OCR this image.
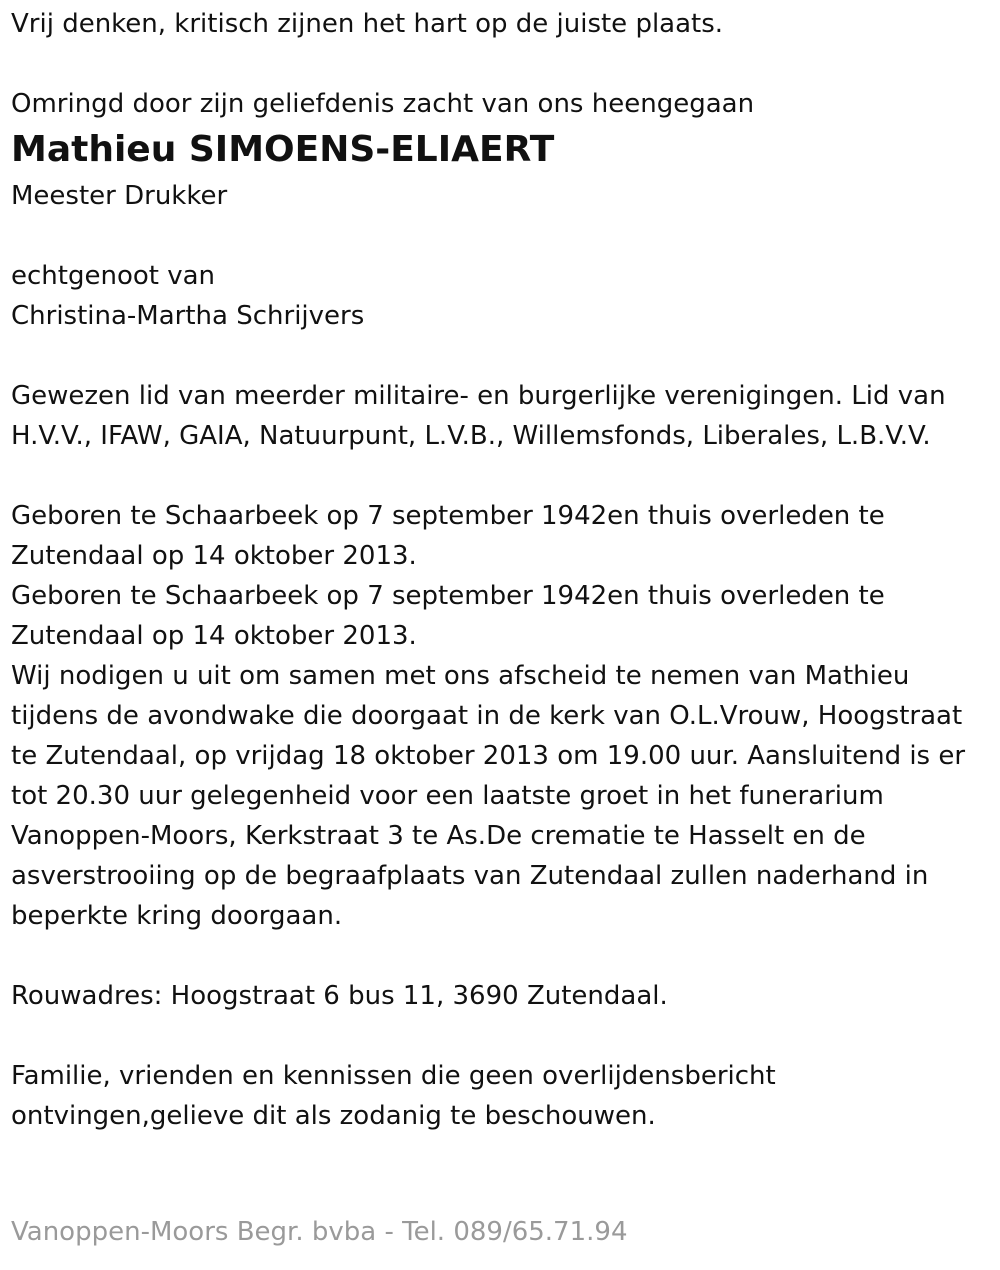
Vrij denken, kritisch zijnen het hart op de juiste plaats.

Omringd door zijn geliefdenis zacht van ons heengegaan

Mathieu SIMOENS-ELIAERT

Meester Drukker

echtgenoot van

Christina-Martha Schrijvers

Gewezen lid van meerder militaire- en burgerlijke verenigingen. Lid van

H.V.V., IFAW, GAIA, Natuurpunt, L.V.B., Willemsfonds, Liberales, L.B.V.V.

Geboren te Schaarbeek op 7 september 1942en thuis overleden te

Zutendaal op 14 oktober 2013.

Geboren te Schaarbeek op 7 september 1942en thuis overleden te

Zutendaal op 14 oktober 2013.

Wij nodigen u uit om samen met ons afscheid te nemen van Mathieu

tijdens de avondwake die doorgaat in de kerk van O.L.Vrouw, Hoogstraat

te Zutendaal, op vrijdag 18 oktober 2013 om 19.00 uur. Aansluitend is er

tot 20.30 uur gelegenheid voor een laatste groet in het funerarium

Vanoppen-Moors, Kerkstraat 3 te As.De crematie te Hasselt en de

asverstrooiing op de begraafplaats van Zutendaal zullen naderhand in

beperkte kring doorgaan.

Rouwadres: Hoogstraat 6 bus 11, 3690 Zutendaal.

Familie, vrienden en kennissen die geen overlijdensbericht

ontvingen,gelieve dit als zodanig te beschouwen.

Vanoppen-Moors Begr. bvba - Tel. 089/65.71.94
